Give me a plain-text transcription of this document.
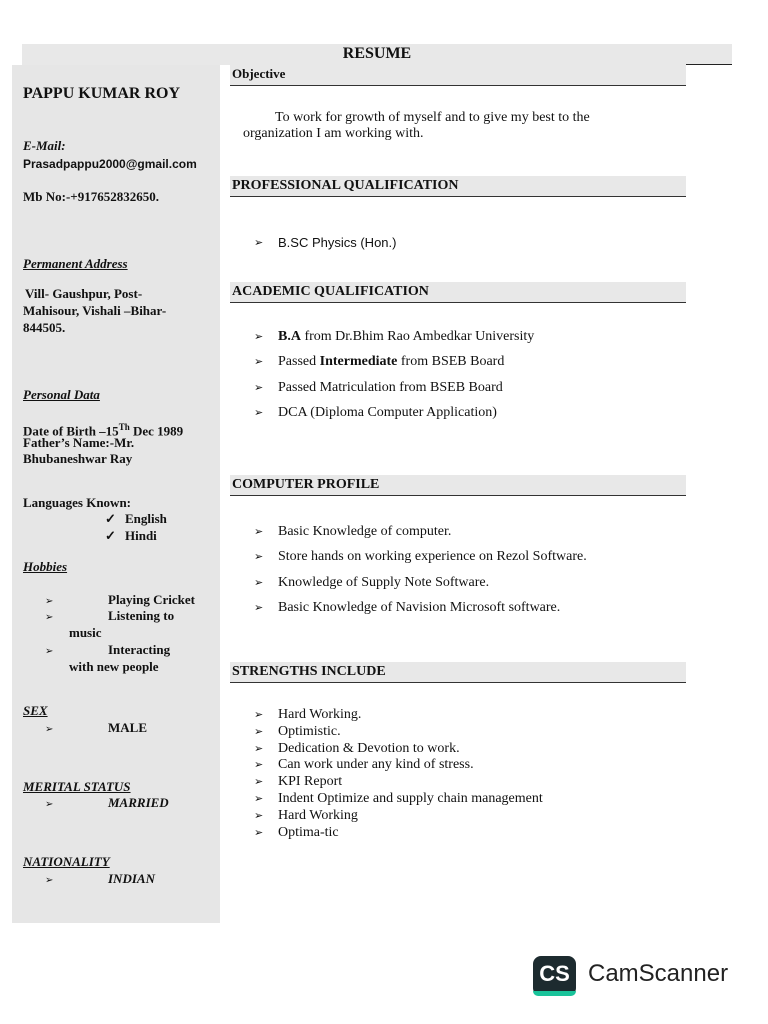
RESUME
PAPPU KUMAR ROY
E-Mail:
Prasadpappu2000@gmail.com
Mb No:-+917652832650.
Permanent Address
Vill- Gaushpur, Post-
Mahisour, Vishali –Bihar-
844505.
Personal Data
Date of Birth –15Th Dec 1989
Father’s Name:-Mr.
Bhubaneshwar Ray
Languages Known:
✓ English
✓ Hindi
Hobbies
➢	Playing Cricket
➢	Listening to
music
➢	Interacting
with new people
SEX
➢	MALE
MERITAL STATUS
➢	MARRIED
NATIONALITY
➢	INDIAN
Objective
To work for growth of myself and to give my best to the
organization I am working with.
PROFESSIONAL QUALIFICATION
➢ B.SC Physics (Hon.)
ACADEMIC QUALIFICATION
➢ B.A from Dr.Bhim Rao Ambedkar University
➢ Passed Intermediate from BSEB Board
➢ Passed Matriculation from BSEB Board
➢ DCA (Diploma Computer Application)
COMPUTER PROFILE
➢ Basic Knowledge of computer.
➢ Store hands on working experience on Rezol Software.
➢ Knowledge of Supply Note Software.
➢ Basic Knowledge of Navision Microsoft software.
STRENGTHS INCLUDE
➢ Hard Working.
➢ Optimistic.
➢ Dedication & Devotion to work.
➢ Can work under any kind of stress.
➢ KPI Report
➢ Indent Optimize and supply chain management
➢ Hard Working
➢ Optima-tic
CS CamScanner
